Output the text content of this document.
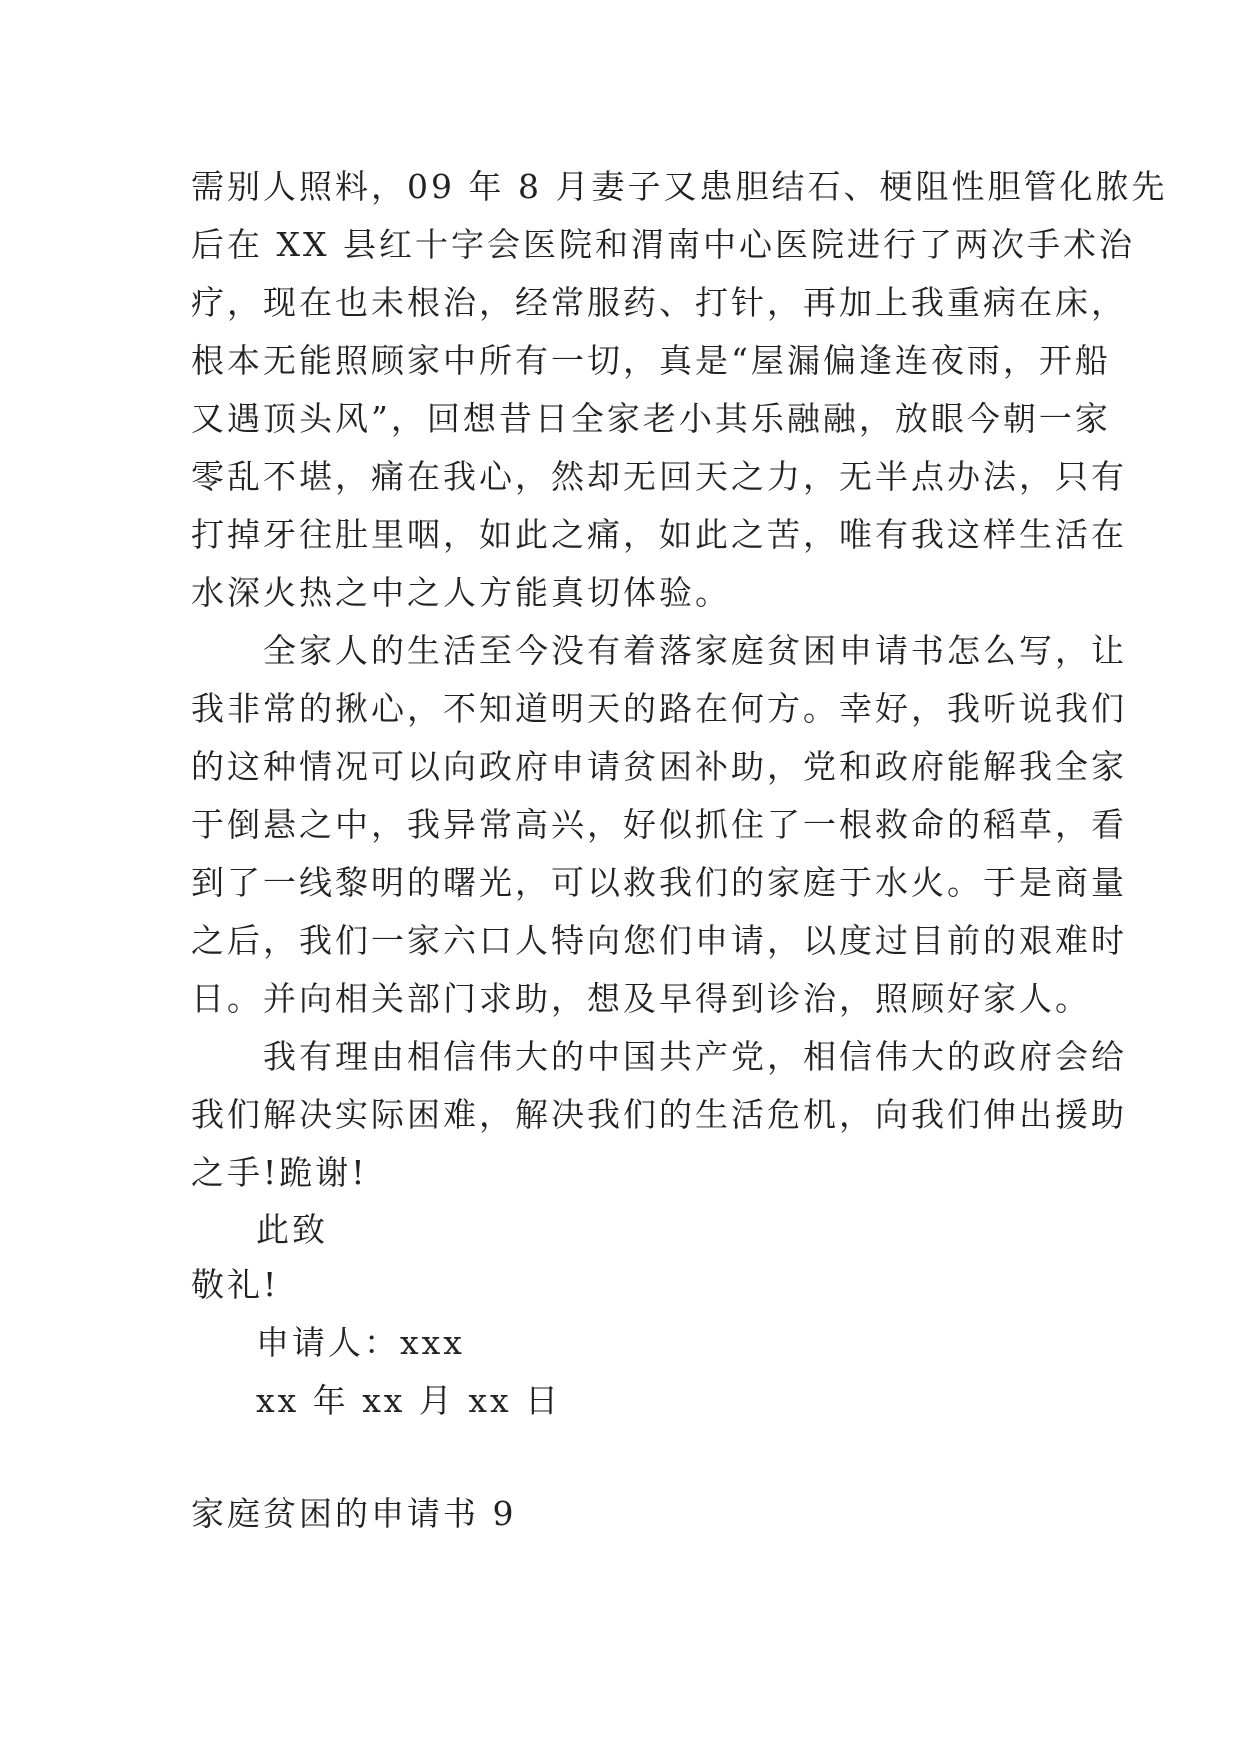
需别人照料，09 年 8 月妻子又患胆结石、梗阻性胆管化脓先
后在 XX 县红十字会医院和渭南中心医院进行了两次手术治
疗，现在也未根治，经常服药、打针，再加上我重病在床，
根本无能照顾家中所有一切，真是“屋漏偏逢连夜雨，开船
又遇顶头风”，回想昔日全家老小其乐融融，放眼今朝一家
零乱不堪，痛在我心，然却无回天之力，无半点办法，只有
打掉牙往肚里咽，如此之痛，如此之苦，唯有我这样生活在
水深火热之中之人方能真切体验。
　　全家人的生活至今没有着落家庭贫困申请书怎么写，让
我非常的揪心，不知道明天的路在何方。幸好，我听说我们
的这种情况可以向政府申请贫困补助，党和政府能解我全家
于倒悬之中，我异常高兴，好似抓住了一根救命的稻草，看
到了一线黎明的曙光，可以救我们的家庭于水火。于是商量
之后，我们一家六口人特向您们申请，以度过目前的艰难时
日。并向相关部门求助，想及早得到诊治，照顾好家人。
　　我有理由相信伟大的中国共产党，相信伟大的政府会给
我们解决实际困难，解决我们的生活危机，向我们伸出援助
之手!跪谢!
此致
敬礼!
申请人：xxx
xx 年 xx 月 xx 日
家庭贫困的申请书 9
